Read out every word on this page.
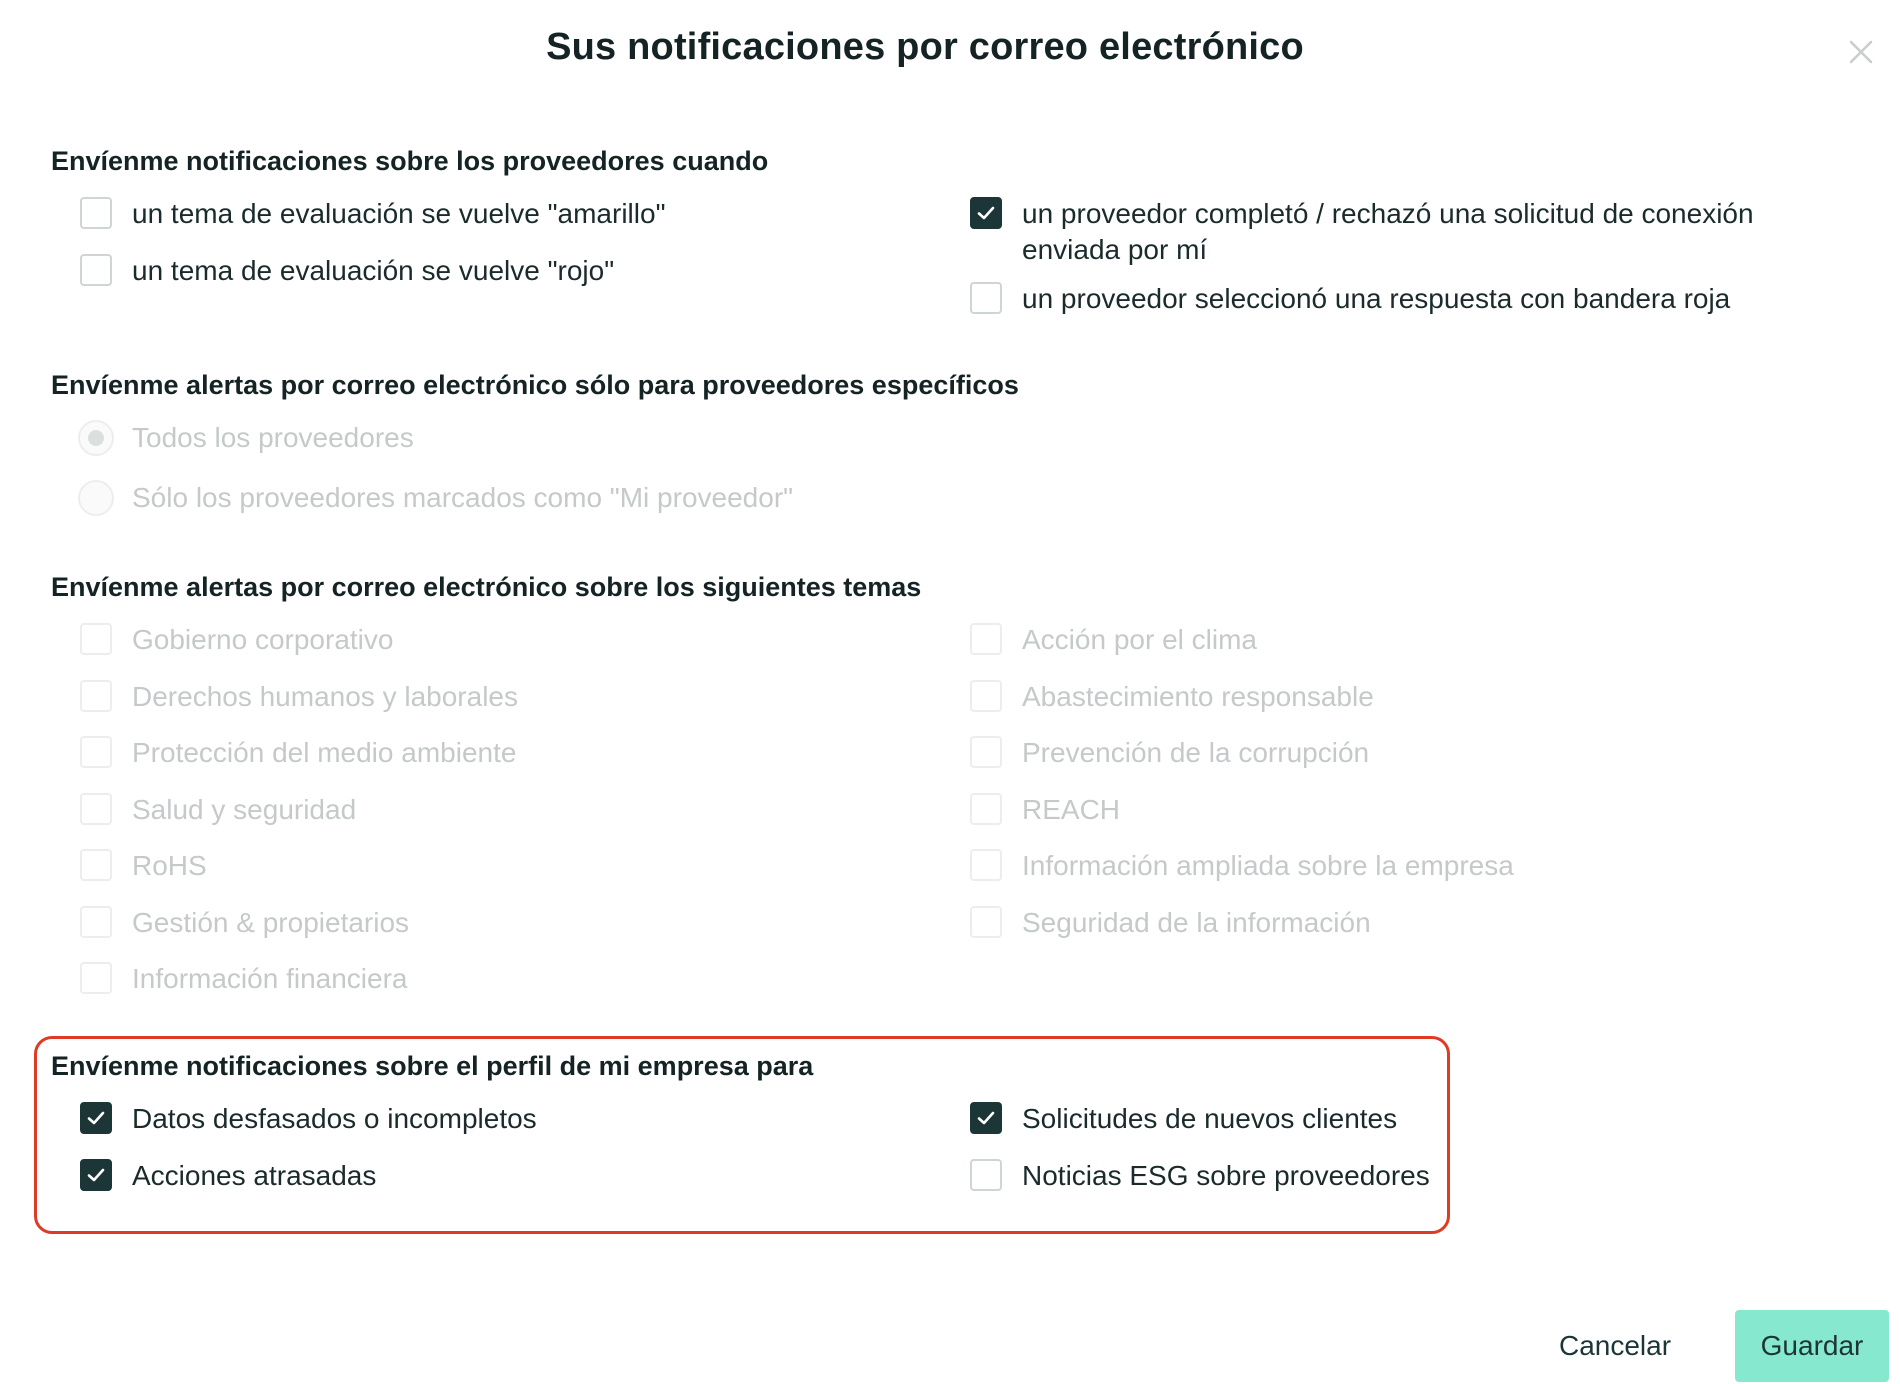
Sus notificaciones por correo electrónico
Envíenme notificaciones sobre los proveedores cuando
un tema de evaluación se vuelve "amarillo"
un tema de evaluación se vuelve "rojo"
un proveedor completó / rechazó una solicitud de conexión enviada por mí
un proveedor seleccionó una respuesta con bandera roja
Envíenme alertas por correo electrónico sólo para proveedores específicos
Todos los proveedores
Sólo los proveedores marcados como "Mi proveedor"
Envíenme alertas por correo electrónico sobre los siguientes temas
Gobierno corporativo
Derechos humanos y laborales
Protección del medio ambiente
Salud y seguridad
RoHS
Gestión & propietarios
Información financiera
Acción por el clima
Abastecimiento responsable
Prevención de la corrupción
REACH
Información ampliada sobre la empresa
Seguridad de la información
Envíenme notificaciones sobre el perfil de mi empresa para
Datos desfasados o incompletos
Acciones atrasadas
Solicitudes de nuevos clientes
Noticias ESG sobre proveedores
Cancelar	Guardar
